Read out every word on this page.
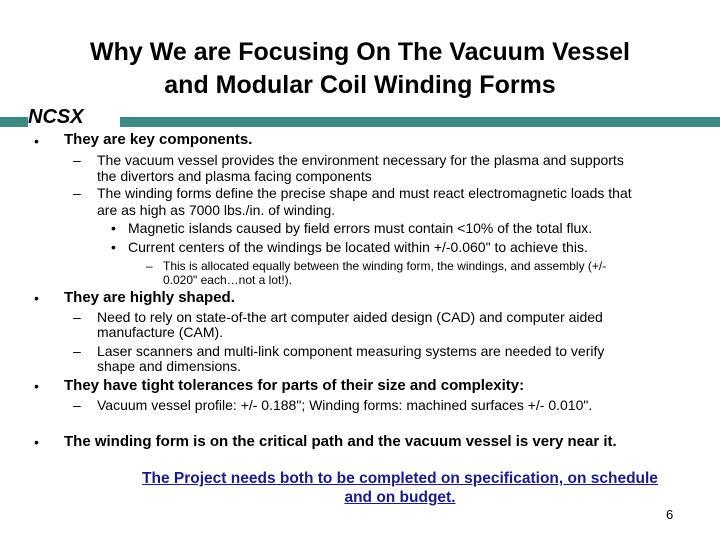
Why We are Focusing On The Vacuum Vessel
and Modular Coil Winding Forms
NCSX
• They are key components.
– The vacuum vessel provides the environment necessary for the plasma and supports
the divertors and plasma facing components
– The winding forms define the precise shape and must react electromagnetic loads that
are as high as 7000 lbs./in. of winding.
• Magnetic islands caused by field errors must contain <10% of the total flux.
• Current centers of the windings be located within +/-0.060" to achieve this.
– This is allocated equally between the winding form, the windings, and assembly (+/-
0.020" each…not a lot!).
• They are highly shaped.
– Need to rely on state-of-the art computer aided design (CAD) and computer aided
manufacture (CAM).
– Laser scanners and multi-link component measuring systems are needed to verify
shape and dimensions.
• They have tight tolerances for parts of their size and complexity:
– Vacuum vessel profile: +/- 0.188"; Winding forms: machined surfaces +/- 0.010".
• The winding form is on the critical path and the vacuum vessel is very near it.
The Project needs both to be completed on specification, on schedule
and on budget.
6
